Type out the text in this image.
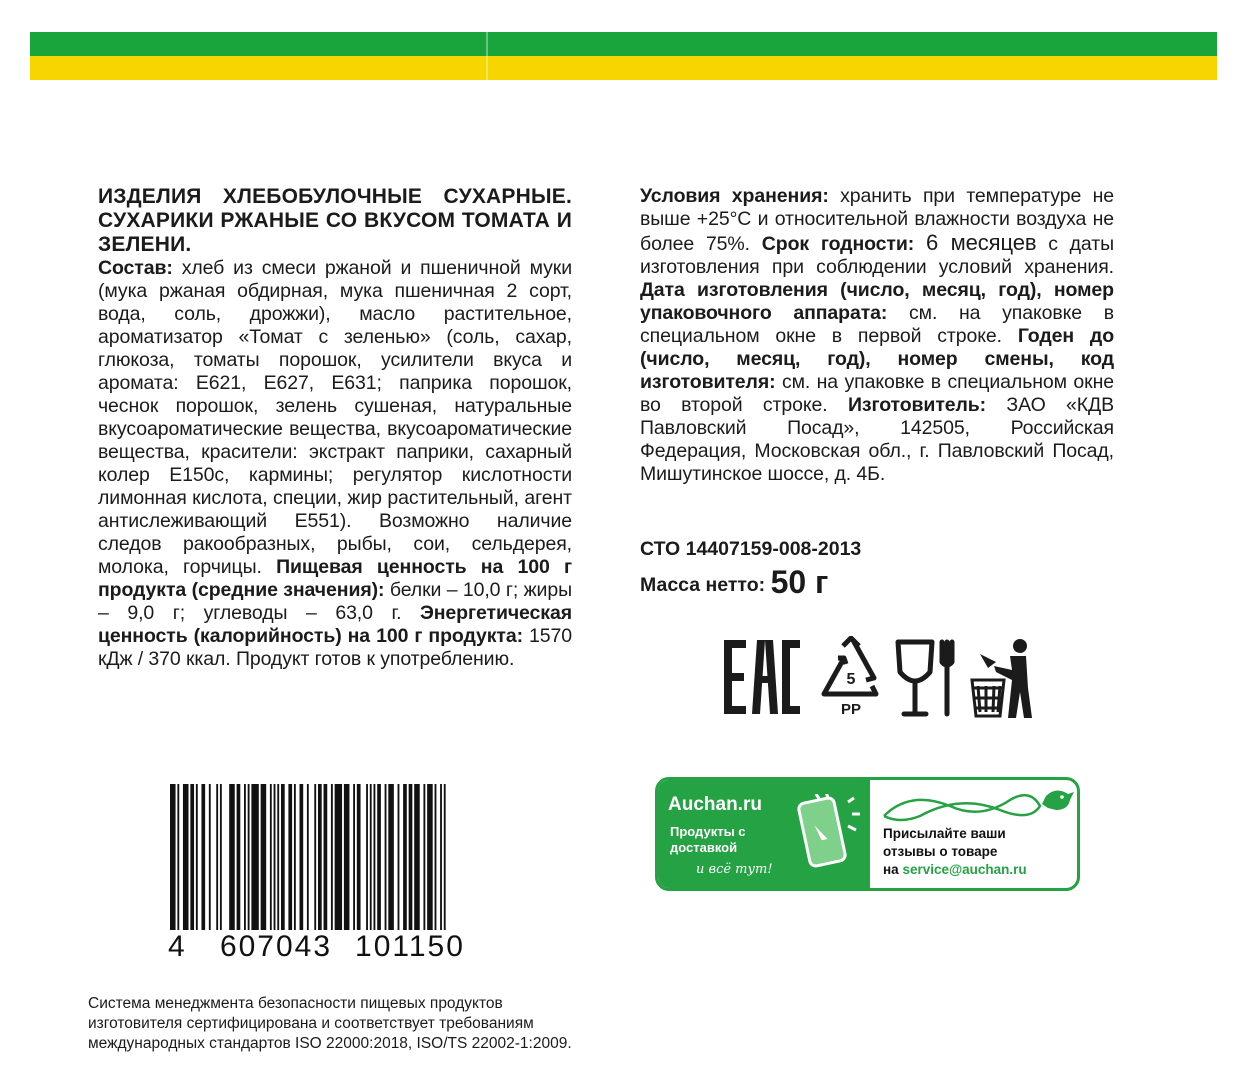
ИЗДЕЛИЯ ХЛЕБОБУЛОЧНЫЕ СУХАРНЫЕ. СУХАРИКИ РЖАНЫЕ СО ВКУСОМ ТОМАТА И ЗЕЛЕНИ.
Состав: хлеб из смеси ржаной и пшеничной муки (мука ржаная обдирная, мука пшеничная 2 сорт, вода, соль, дрожжи), масло растительное, ароматизатор «Томат с зеленью» (соль, сахар, глюкоза, томаты порошок, усилители вкуса и аромата: Е621, Е627, Е631; паприка порошок, чеснок порошок, зелень сушеная, натуральные вкусоароматические вещества, вкусоароматические вещества, красители: экстракт паприки, сахарный колер Е150с, кармины; регулятор кислотности лимонная кислота, специи, жир растительный, агент антислеживающий Е551). Возможно наличие следов ракообразных, рыбы, сои, сельдерея, молока, горчицы. Пищевая ценность на 100 г продукта (средние значения): белки – 10,0 г; жиры – 9,0 г; углеводы – 63,0 г. Энергетическая ценность (калорийность) на 100 г продукта: 1570 кДж / 370 ккал. Продукт готов к употреблению.
Условия хранения: хранить при температуре не выше +25°С и относительной влажности воздуха не более 75%. Срок годности: 6 месяцев с даты изготовления при соблюдении условий хранения. Дата изготовления (число, месяц, год), номер упаковочного аппарата: см. на упаковке в специальном окне в первой строке. Годен до (число, месяц, год), номер смены, код изготовителя: см. на упаковке в специальном окне во второй строке. Изготовитель: ЗАО «КДВ Павловский Посад», 142505, Российская Федерация, Московская обл., г. Павловский Посад, Мишутинское шоссе, д. 4Б.
СТО 14407159-008-2013
Масса нетто: 50 г
5
PP
4 607043 101150
Система менеджмента безопасности пищевых продуктов изготовителя сертифицирована и соответствует требованиям международных стандартов ISO 22000:2018, ISO/TS 22002-1:2009.
Auchan.ru
Продукты с доставкой
и всё тут!
Присылайте ваши
отзывы о товаре
на service@auchan.ru
